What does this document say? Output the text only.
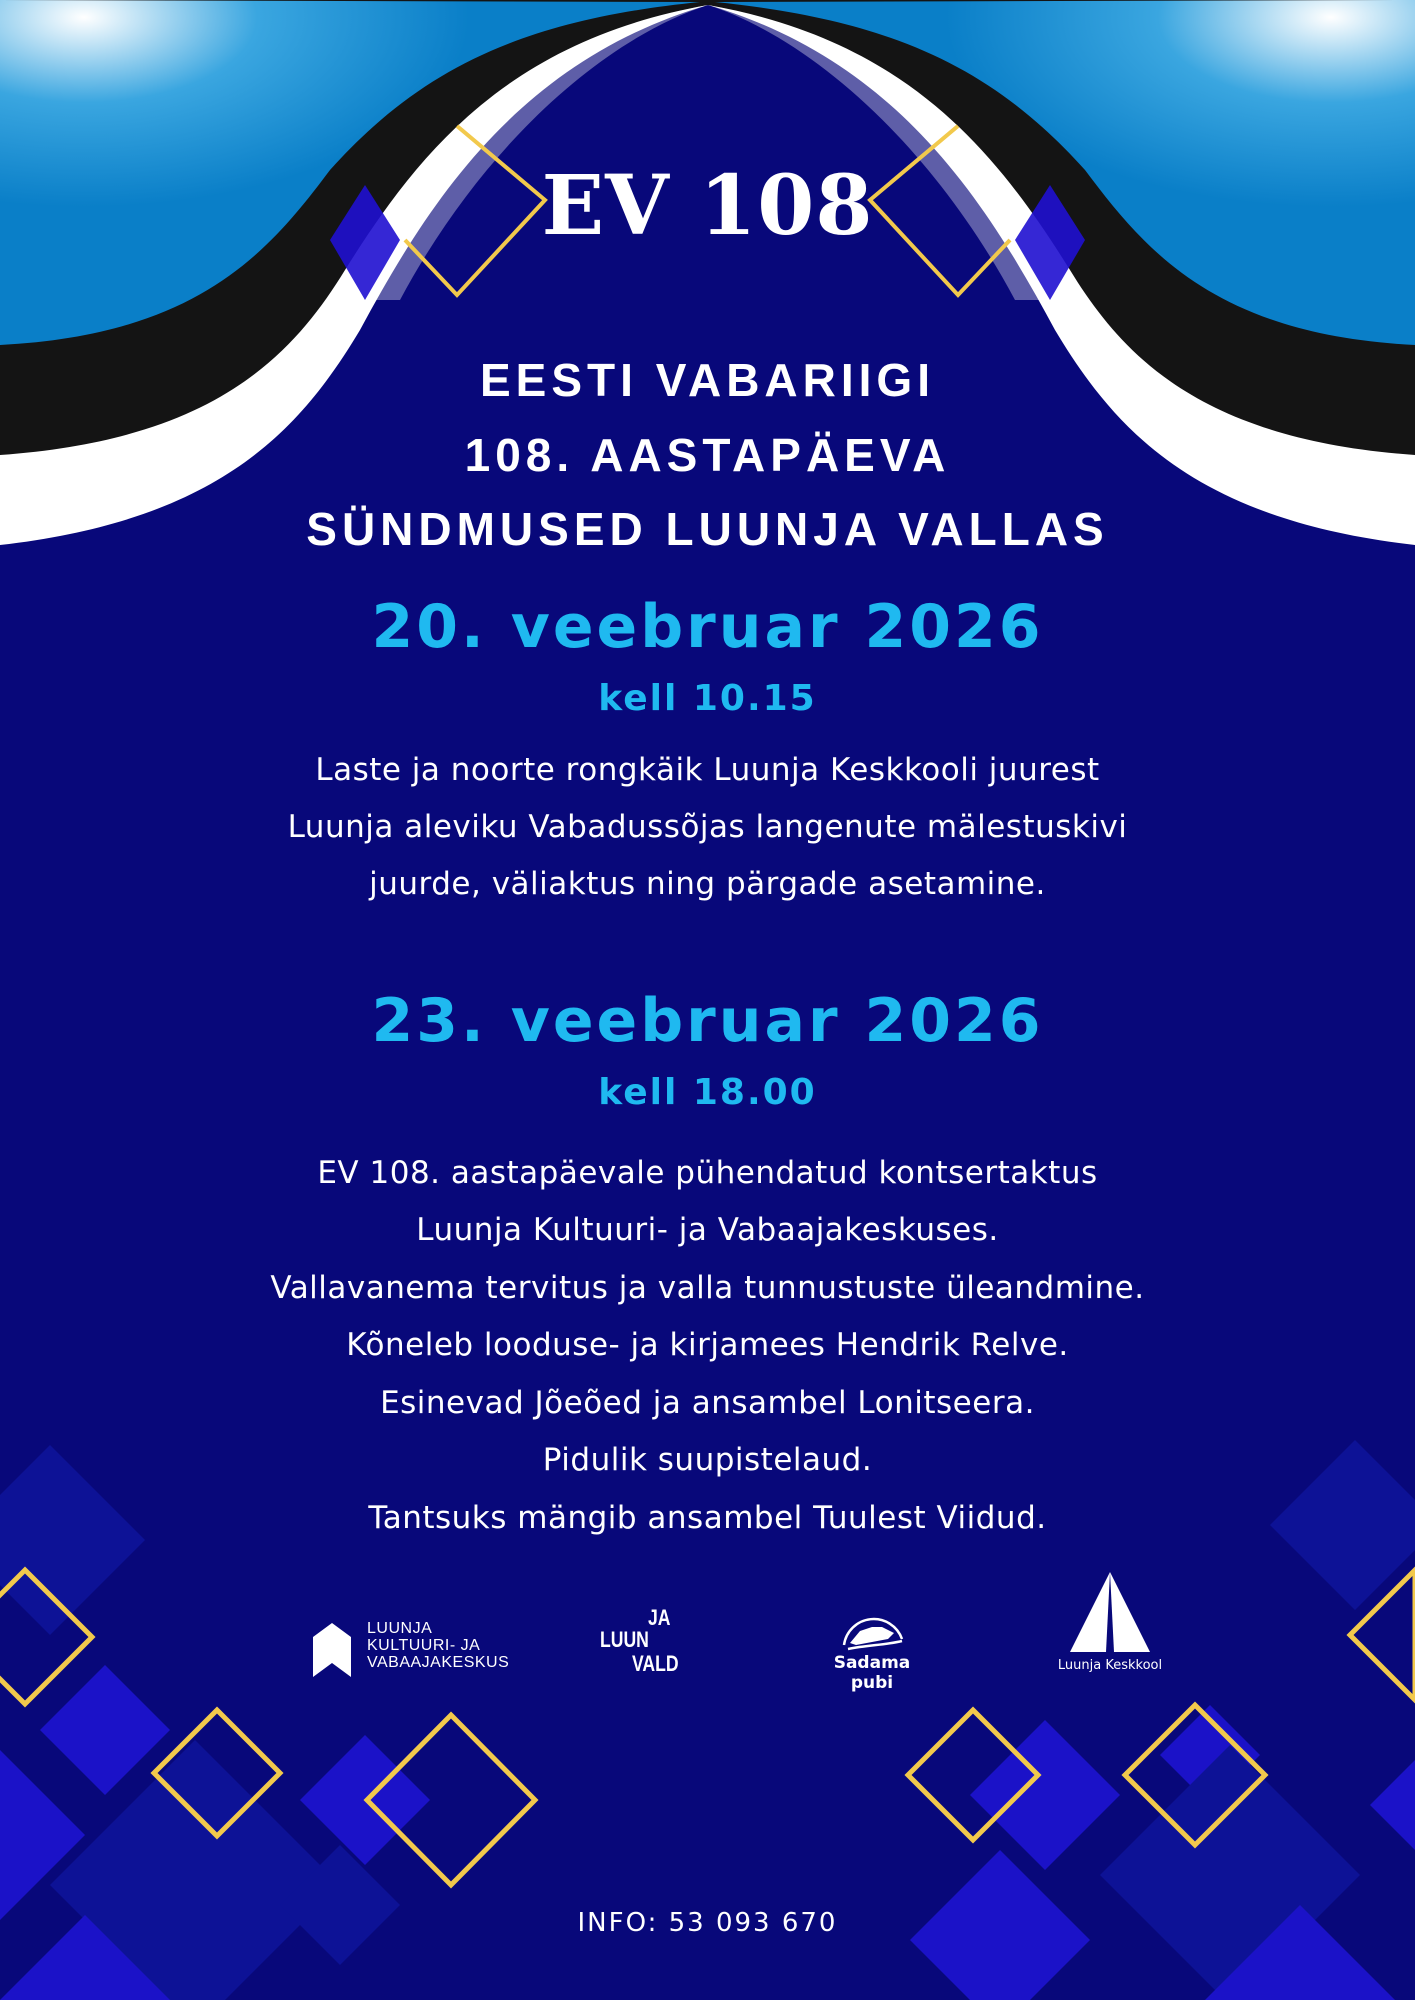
EV 108
EESTI VABARIIGI
108. AASTAPÄEVA
SÜNDMUSED LUUNJA VALLAS
20. veebruar 2026
kell 10.15
Laste ja noorte rongkäik Luunja Keskkooli juurest
Luunja aleviku Vabadussõjas langenute mälestuskivi
juurde, väliaktus ning pärgade asetamine.
23. veebruar 2026
kell 18.00
EV 108. aastapäevale pühendatud kontsertaktus
Luunja Kultuuri- ja Vabaajakeskuses.
Vallavanema tervitus ja valla tunnustuste üleandmine.
Kõneleb looduse- ja kirjamees Hendrik Relve.
Esinevad Jõeõed ja ansambel Lonitseera.
Pidulik suupistelaud.
Tantsuks mängib ansambel Tuulest Viidud.
LUUNJA
KULTUURI- JA
VABAAJAKESKUS
JA
LUUN
VALD	Sadama pubi
Luunja Keskkool
INFO: 53 093 670
